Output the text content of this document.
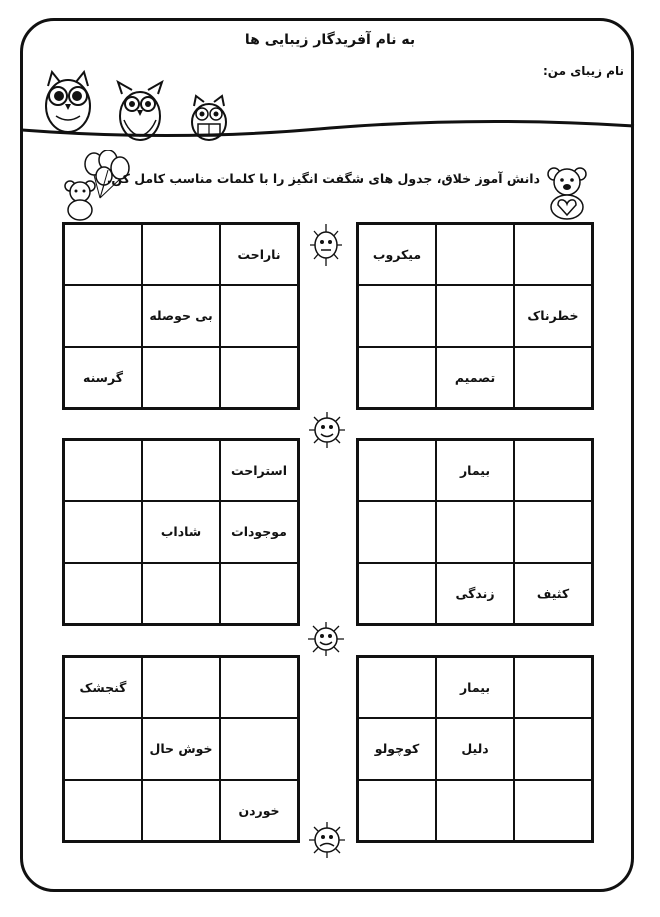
به نام آفریدگار زیبایی ها
نام زیبای من:
دانش آموز خلاق، جدول های شگفت انگیز را با کلمات مناسب کامل کن.
میکروب
خطرناک
تصمیم
ناراحت
بی حوصله
گرسنه
بیمار
کثیف
زندگی
استراحت
موجودات
شاداب
بیمار
دلیل
کوچولو
گنجشک
خوش حال
خوردن
